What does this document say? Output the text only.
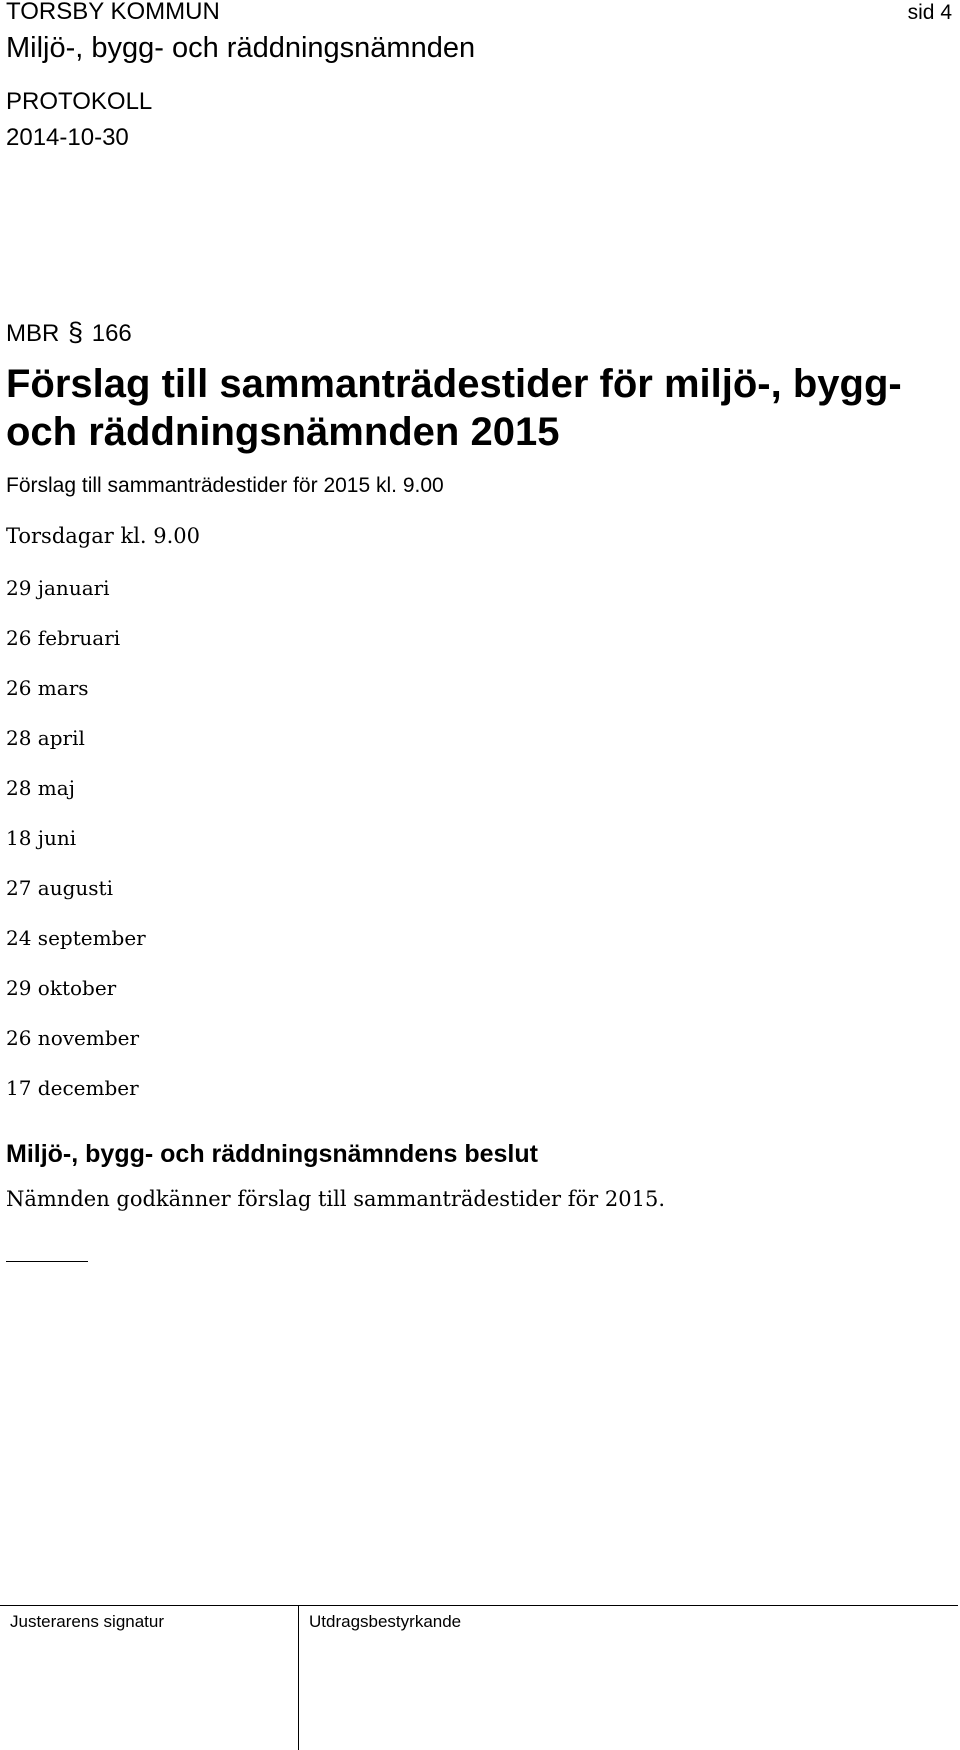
TORSBY KOMMUN	sid 4
Miljö-, bygg- och räddningsnämnden
PROTOKOLL
2014-10-30
MBR § 166
Förslag till sammanträdestider för miljö-, bygg- och räddningsnämnden 2015
Förslag till sammanträdestider för 2015 kl. 9.00
Torsdagar kl. 9.00
29 januari
26 februari
26 mars
28 april
28 maj
18 juni
27 augusti
24 september
29 oktober
26 november
17 december
Miljö-, bygg- och räddningsnämndens beslut
Nämnden godkänner förslag till sammanträdestider för 2015.
Justerarens signatur	Utdragsbestyrkande
